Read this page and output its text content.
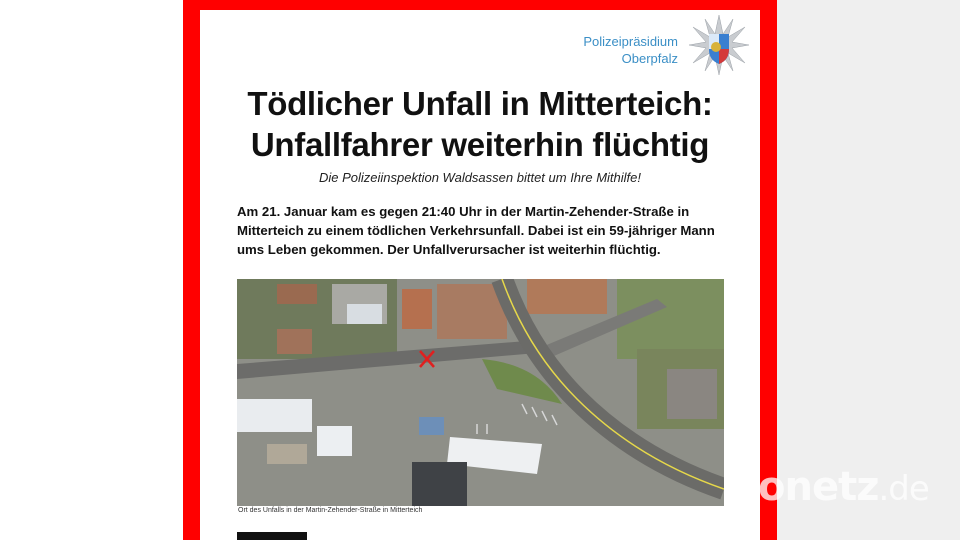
Polizeipräsidium
Oberpfalz
Tödlicher Unfall in Mitterteich:
Unfallfahrer weiterhin flüchtig
Die Polizeiinspektion Waldsassen bittet um Ihre Mithilfe!
Am 21. Januar kam es gegen 21:40 Uhr in der Martin-Zehender-Straße in Mitterteich zu einem tödlichen Verkehrsunfall. Dabei ist ein 59-jähriger Mann ums Leben gekommen. Der Unfallverursacher ist weiterhin flüchtig.
Ort des Unfalls in der Martin-Zehender-Straße in Mitterteich
onetz.de
